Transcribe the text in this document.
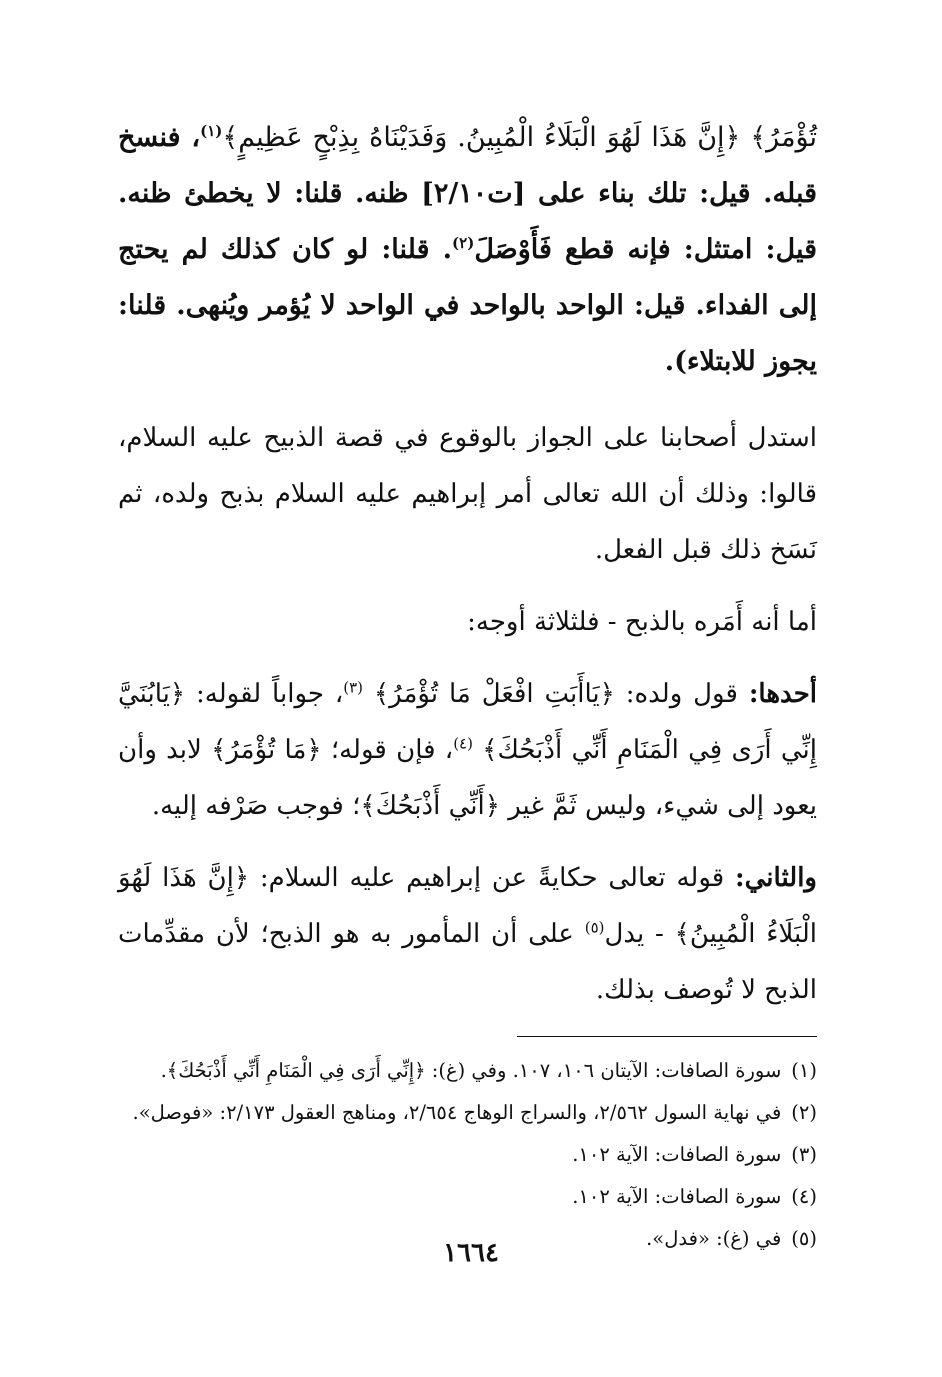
تُؤْمَرُ﴾ ﴿إِنَّ هَذَا لَهُوَ الْبَلَاءُ الْمُبِينُ. وَفَدَيْنَاهُ بِذِبْحٍ عَظِيمٍ﴾$^{(١)}$، فنسخ قبله. قيل: تلك بناء على [ت٢/١٠] ظنه. قلنا: لا يخطئ ظنه. قيل: امتثل: فإنه قطع فَأَوْصَلَ$^{(٢)}$. قلنا: لو كان كذلك لم يحتج إلى الفداء. قيل: الواحد بالواحد في الواحد لا يُؤمر ويُنهى. قلنا: يجوز للابتلاء).

استدل أصحابنا على الجواز بالوقوع في قصة الذبيح عليه السلام، قالوا: وذلك أن الله تعالى أمر إبراهيم عليه السلام بذبح ولده، ثم نَسَخ ذلك قبل الفعل.

أما أنه أَمَره بالذبح - فلثلاثة أوجه:

أحدها: قول ولده: ﴿يَاأَبَتِ افْعَلْ مَا تُؤْمَرُ﴾ $^{(٣)}$، جواباً لقوله: ﴿يَابُنَيَّ إِنِّي أَرَى فِي الْمَنَامِ أَنِّي أَذْبَحُكَ﴾ $^{(٤)}$، فإن قوله؛ ﴿مَا تُؤْمَرُ﴾ لابد وأن يعود إلى شيء، وليس ثَمَّ غير ﴿أَنِّي أَذْبَحُكَ﴾؛ فوجب صَرْفه إليه.

والثاني: قوله تعالى حكايةً عن إبراهيم عليه السلام: ﴿إِنَّ هَذَا لَهُوَ الْبَلَاءُ الْمُبِينُ﴾ - يدل$^{(٥)}$ على أن المأمور به هو الذبح؛ لأن مقدِّمات الذبح لا تُوصف بذلك.

(١)
سورة الصافات: الآيتان ١٠٦، ١٠٧. وفي (غ): ﴿إِنِّي أَرَى فِي الْمَنَامِ أَنِّي أَذْبَحُكَ﴾.
(٢)
في نهاية السول ٢/٥٦٢، والسراج الوهاج ٢/٦٥٤، ومناهج العقول ٢/١٧٣: «فوصل».
(٣)
سورة الصافات: الآية ١٠٢.
(٤)
سورة الصافات: الآية ١٠٢.
(٥)
في (غ): «فدل».
١٦٦٤
